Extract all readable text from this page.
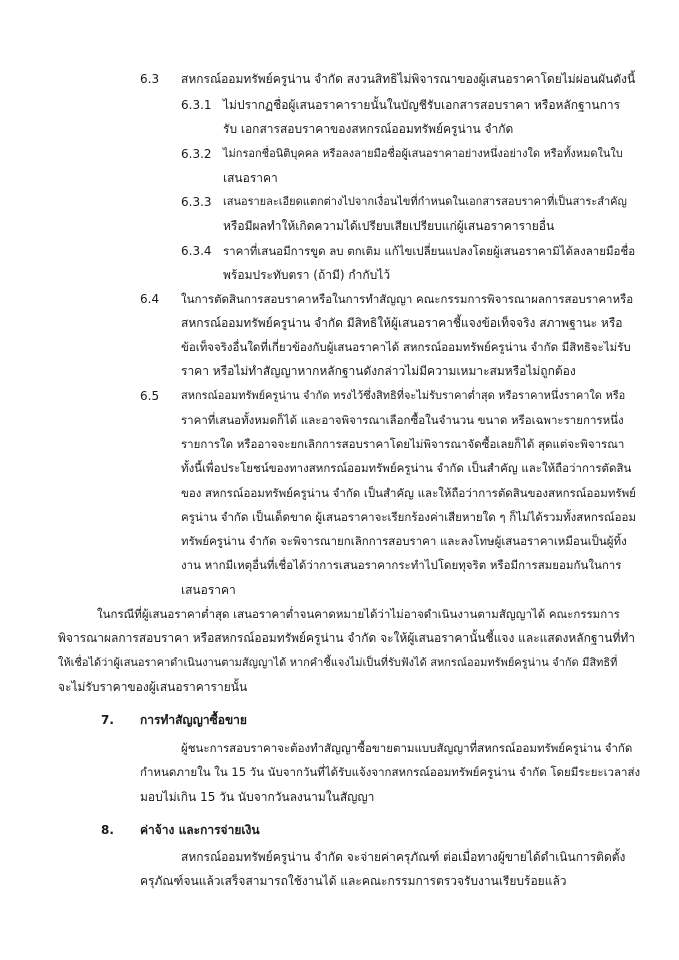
6.3 สหกรณ์ออมทรัพย์ครูน่าน จำกัด สงวนสิทธิไม่พิจารณาของผู้เสนอราคาโดยไม่ผ่อนผันดังนี้
6.3.1 ไม่ปรากฏชื่อผู้เสนอราคารายนั้นในบัญชีรับเอกสารสอบราคา หรือหลักฐานการ
รับ เอกสารสอบราคาของสหกรณ์ออมทรัพย์ครูน่าน จำกัด
6.3.2 ไม่กรอกชื่อนิติบุคคล หรือลงลายมือชื่อผู้เสนอราคาอย่างหนึ่งอย่างใด หรือทั้งหมดในใบ
เสนอราคา
6.3.3 เสนอรายละเอียดแตกต่างไปจากเงื่อนไขที่กำหนดในเอกสารสอบราคาที่เป็นสาระสำคัญ
หรือมีผลทำให้เกิดความได้เปรียบเสียเปรียบแก่ผู้เสนอราคารายอื่น
6.3.4 ราคาที่เสนอมีการขูด ลบ ตกเติม แก้ไขเปลี่ยนแปลงโดยผู้เสนอราคามิได้ลงลายมือชื่อ
พร้อมประทับตรา (ถ้ามี) กำกับไว้
6.4 ในการตัดสินการสอบราคาหรือในการทำสัญญา คณะกรรมการพิจารณาผลการสอบราคาหรือ
สหกรณ์ออมทรัพย์ครูน่าน จำกัด มีสิทธิให้ผู้เสนอราคาชี้แจงข้อเท็จจริง สภาพฐานะ หรือ
ข้อเท็จจริงอื่นใดที่เกี่ยวข้องกับผู้เสนอราคาได้ สหกรณ์ออมทรัพย์ครูน่าน จำกัด มีสิทธิจะไม่รับ
ราคา หรือไม่ทำสัญญาหากหลักฐานดังกล่าวไม่มีความเหมาะสมหรือไม่ถูกต้อง
6.5 สหกรณ์ออมทรัพย์ครูน่าน จำกัด ทรงไว้ซึ่งสิทธิที่จะไม่รับราคาต่ำสุด หรือราคาหนึ่งราคาใด หรือ
ราคาที่เสนอทั้งหมดก็ได้ และอาจพิจารณาเลือกซื้อในจำนวน ขนาด หรือเฉพาะรายการหนึ่ง
รายการใด หรืออาจจะยกเลิกการสอบราคาโดยไม่พิจารณาจัดซื้อเลยก็ได้ สุดแต่จะพิจารณา
ทั้งนี้เพื่อประโยชน์ของทางสหกรณ์ออมทรัพย์ครูน่าน จำกัด เป็นสำคัญ และให้ถือว่าการตัดสิน
ของ สหกรณ์ออมทรัพย์ครูน่าน จำกัด เป็นสำคัญ และให้ถือว่าการตัดสินของสหกรณ์ออมทรัพย์
ครูน่าน จำกัด เป็นเด็ดขาด ผู้เสนอราคาจะเรียกร้องค่าเสียหายใด ๆ ก็ไม่ได้รวมทั้งสหกรณ์ออม
ทรัพย์ครูน่าน จำกัด จะพิจารณายกเลิกการสอบราคา และลงโทษผู้เสนอราคาเหมือนเป็นผู้ทิ้ง
งาน หากมีเหตุอื่นที่เชื่อได้ว่าการเสนอราคากระทำไปโดยทุจริต หรือมีการสมยอมกันในการ
เสนอราคา
ในกรณีที่ผู้เสนอราคาต่ำสุด เสนอราคาต่ำจนคาดหมายได้ว่าไม่อาจดำเนินงานตามสัญญาได้ คณะกรรมการ
พิจารณาผลการสอบราคา หรือสหกรณ์ออมทรัพย์ครูน่าน จำกัด จะให้ผู้เสนอราคานั้นชี้แจง และแสดงหลักฐานที่ทำ
ให้เชื่อได้ว่าผู้เสนอราคาดำเนินงานตามสัญญาได้ หากคำชี้แจงไม่เป็นที่รับฟังได้ สหกรณ์ออมทรัพย์ครูน่าน จำกัด มีสิทธิที่
จะไม่รับราคาของผู้เสนอราคารายนั้น
7. การทำสัญญาซื้อขาย
ผู้ชนะการสอบราคาจะต้องทำสัญญาซื้อขายตามแบบสัญญาที่สหกรณ์ออมทรัพย์ครูน่าน จำกัด
กำหนดภายใน ใน 15 วัน นับจากวันที่ได้รับแจ้งจากสหกรณ์ออมทรัพย์ครูน่าน จำกัด โดยมีระยะเวลาส่ง
มอบไม่เกิน 15 วัน นับจากวันลงนามในสัญญา
8. ค่าจ้าง และการจ่ายเงิน
สหกรณ์ออมทรัพย์ครูน่าน จำกัด จะจ่ายค่าครุภัณฑ์ ต่อเมื่อทางผู้ขายได้ดำเนินการติดตั้ง
ครุภัณฑ์จนแล้วเสร็จสามารถใช้งานได้ และคณะกรรมการตรวจรับงานเรียบร้อยแล้ว
